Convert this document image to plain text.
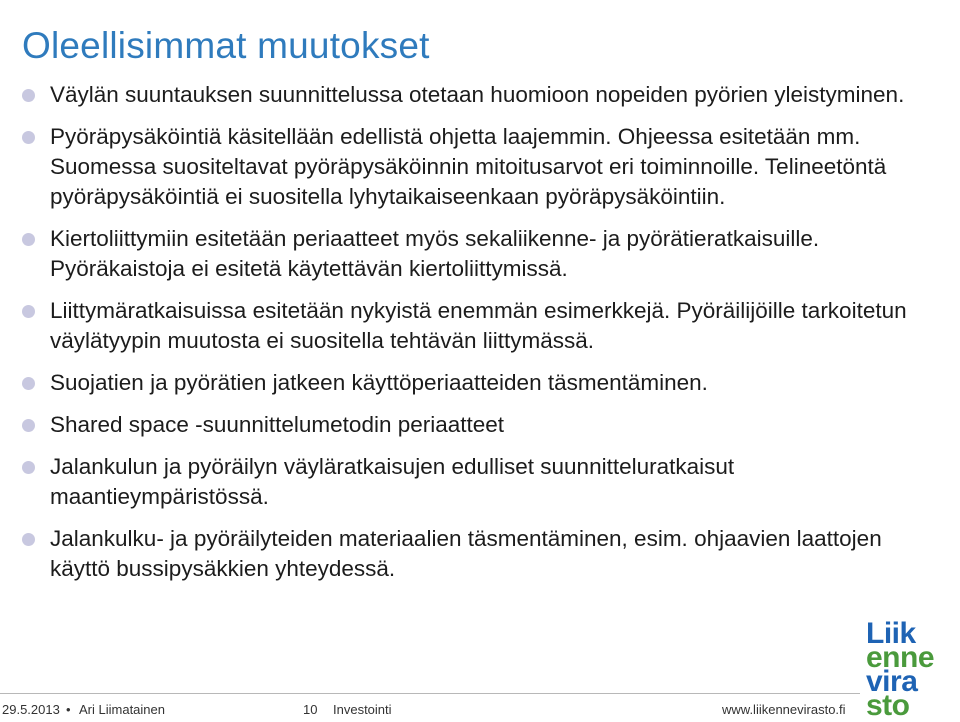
Oleellisimmat muutokset
Väylän suuntauksen suunnittelussa otetaan huomioon nopeiden pyörien yleistyminen.
Pyöräpysäköintiä käsitellään edellistä ohjetta laajemmin. Ohjeessa esitetään mm. Suomessa suositeltavat pyöräpysäköinnin mitoitusarvot eri toiminnoille. Telineetöntä pyöräpysäköintiä ei suositella lyhytaikaiseenkaan pyöräpysäköintiin.
Kiertoliittymiin esitetään periaatteet myös sekaliikenne- ja pyörätieratkaisuille. Pyöräkaistoja ei esitetä käytettävän kiertoliittymissä.
Liittymäratkaisuissa esitetään nykyistä enemmän esimerkkejä. Pyöräilijöille tarkoitetun väylätyypin muutosta ei suositella tehtävän liittymässä.
Suojatien ja pyörätien jatkeen käyttöperiaatteiden täsmentäminen.
Shared space -suunnittelumetodin periaatteet
Jalankulun ja pyöräilyn väyläratkaisujen edulliset suunnitteluratkaisut maantieympäristössä.
Jalankulku- ja pyöräilyteiden materiaalien täsmentäminen, esim. ohjaavien laattojen käyttö bussipysäkkien yhteydessä.
Liik
enne
vira
sto
29.5.2013 • Ari Liimatainen	10 Investointi	www.liikennevirasto.fi
